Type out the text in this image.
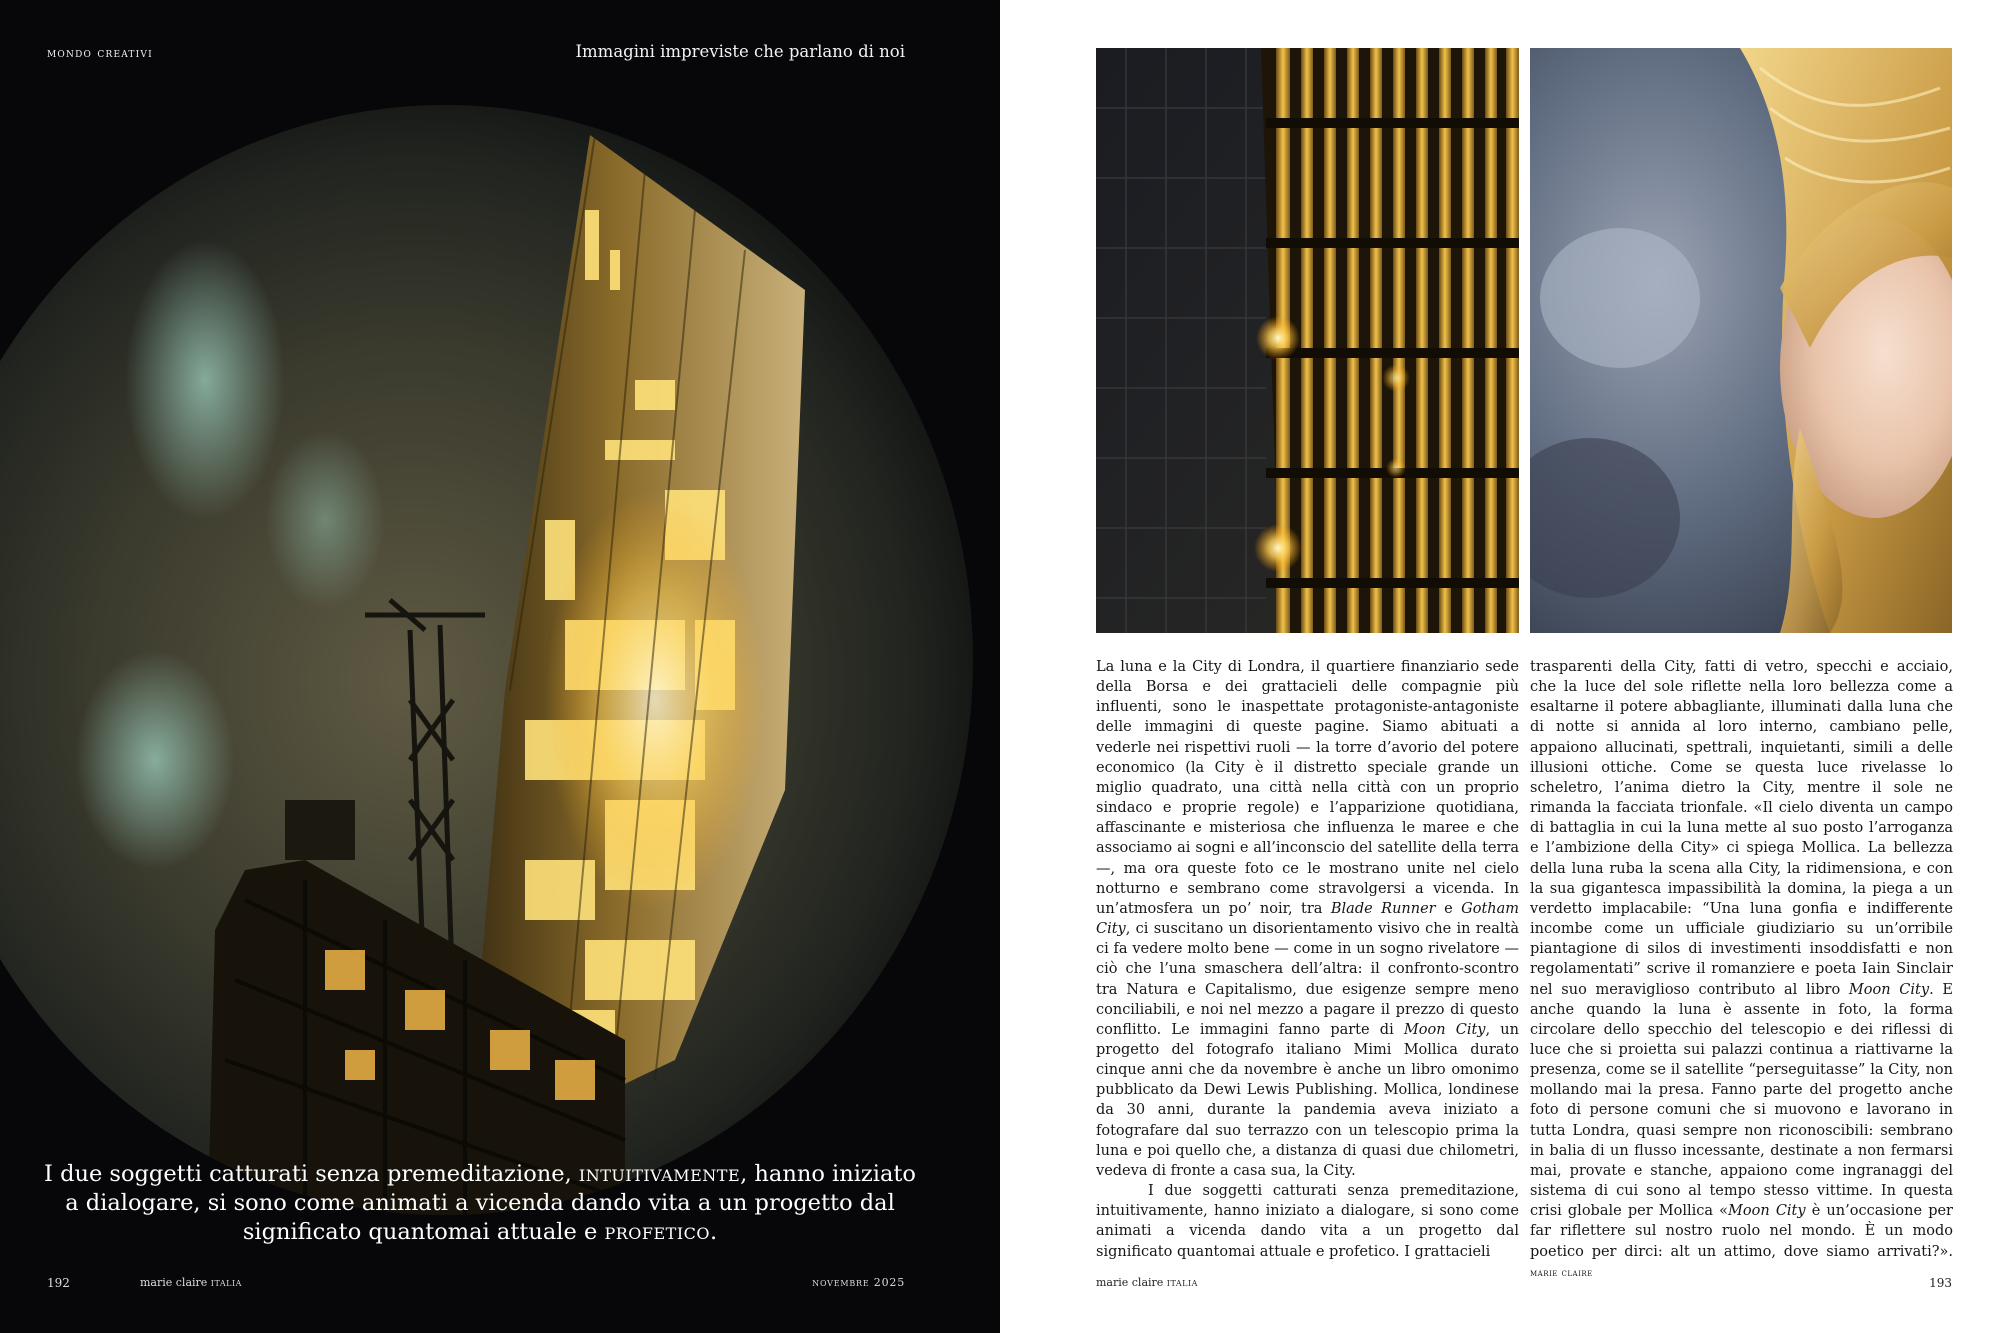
mondo creativi	Immagini impreviste che parlano di noi
I due soggetti catturati senza premeditazione, intuitivamente, hanno iniziato a dialogare, si sono come animati a vicenda dando vita a un progetto dal significato quantomai attuale e profetico.
192	marie claire italia	novembre 2025

La luna e la City di Londra, il quartiere finanziario sede della Borsa e dei grattacieli delle compagnie più influenti, sono le inaspettate protagoniste-antagoniste delle immagini di queste pagine. Siamo abituati a vederle nei rispettivi ruoli — la torre d’avorio del potere economico (la City è il distretto speciale grande un miglio quadrato, una città nella città con un proprio sindaco e proprie regole) e l’apparizione quotidiana, affascinante e misteriosa che influenza le maree e che associamo ai sogni e all’inconscio del satellite della terra —, ma ora queste foto ce le mostrano unite nel cielo notturno e sembrano come stravolgersi a vicenda. In un’atmosfera un po’ noir, tra Blade Runner e Gotham City, ci suscitano un disorientamento visivo che in realtà ci fa vedere molto bene — come in un sogno rivelatore — ciò che l’una smaschera dell’altra: il confronto-scontro tra Natura e Capitalismo, due esigenze sempre meno conciliabili, e noi nel mezzo a pagare il prezzo di questo conflitto. Le immagini fanno parte di Moon City, un progetto del fotografo italiano Mimi Mollica durato cinque anni che da novembre è anche un libro omonimo pubblicato da Dewi Lewis Publishing. Mollica, londinese da 30 anni, durante la pandemia aveva iniziato a fotografare dal suo terrazzo con un telescopio prima la luna e poi quello che, a distanza di quasi due chilometri, vedeva di fronte a casa sua, la City.

I due soggetti catturati senza premeditazione, intuitivamente, hanno iniziato a dialogare, si sono come animati a vicenda dando vita a un progetto dal significato quantomai attuale e profetico. I grattacieli

trasparenti della City, fatti di vetro, specchi e acciaio, che la luce del sole riflette nella loro bellezza come a esaltarne il potere abbagliante, illuminati dalla luna che di notte si annida al loro interno, cambiano pelle, appaiono allucinati, spettrali, inquietanti, simili a delle illusioni ottiche. Come se questa luce rivelasse lo scheletro, l’anima dietro la City, mentre il sole ne rimanda la facciata trionfale. «Il cielo diventa un campo di battaglia in cui la luna mette al suo posto l’arroganza e l’ambizione della City» ci spiega Mollica. La bellezza della luna ruba la scena alla City, la ridimensiona, e con la sua gigantesca impassibilità la domina, la piega a un verdetto implacabile: “Una luna gonfia e indifferente incombe come un ufficiale giudiziario su un’orribile piantagione di silos di investimenti insoddisfatti e non regolamentati” scrive il romanziere e poeta Iain Sinclair nel suo meraviglioso contributo al libro Moon City. E anche quando la luna è assente in foto, la forma circolare dello specchio del telescopio e dei riflessi di luce che si proietta sui palazzi continua a riattivarne la presenza, come se il satellite “perseguitasse” la City, non mollando mai la presa. Fanno parte del progetto anche foto di persone comuni che si muovono e lavorano in tutta Londra, quasi sempre non riconoscibili: sembrano in balia di un flusso incessante, destinate a non fermarsi mai, provate e stanche, appaiono come ingranaggi del sistema di cui sono al tempo stesso vittime. In questa crisi globale per Mollica «Moon City è un’occasione per far riflettere sul nostro ruolo nel mondo. È un modo poetico per dirci: alt un attimo, dove siamo arrivati?». marie claire

marie claire italia	193
